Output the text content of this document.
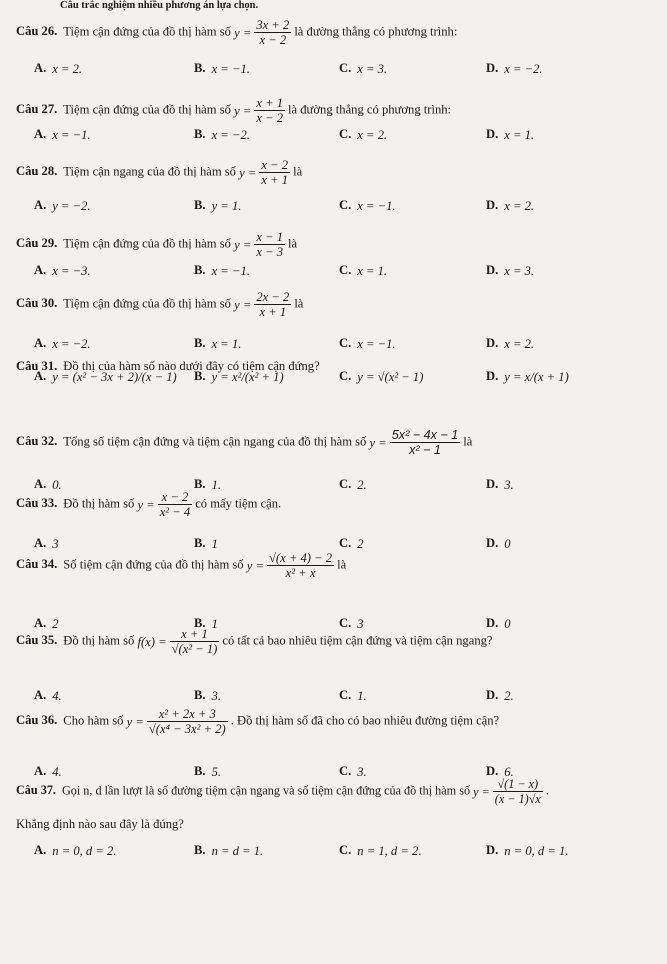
Câu trắc nghiệm nhiều phương án lựa chọn.
Câu 26. Tiệm cận đứng của đồ thị hàm số $y = \frac{3x + 2}{x - 2}$ là đường thẳng có phương trình:
A. x = 2.	B. x = −1.	C. x = 3.	D. x = −2.
Câu 27. Tiệm cận đứng của đồ thị hàm số $y = \frac{x + 1}{x - 2}$ là đường thẳng có phương trình:
A. x = −1.	B. x = −2.	C. x = 2.	D. x = 1.
Câu 28. Tiệm cận ngang của đồ thị hàm số $y = \frac{x - 2}{x + 1}$ là
A. y = −2.	B. y = 1.	C. x = −1.	D. x = 2.
Câu 29. Tiệm cận đứng của đồ thị hàm số $y = \frac{x - 1}{x - 3}$ là
A. x = −3.	B. x = −1.	C. x = 1.	D. x = 3.
Câu 30. Tiệm cận đứng của đồ thị hàm số $y = \frac{2x - 2}{x + 1}$ là
A. x = −2.	B. x = 1.	C. x = −1.	D. x = 2.
Câu 31. Đồ thị của hàm số nào dưới đây có tiệm cận đứng?
A. y = (x² − 3x + 2)/(x − 1) B. y = x²/(x² + 1)	C. y = √(x² − 1)	D. y = x/(x + 1)
Câu 32. Tổng số tiệm cận đứng và tiệm cận ngang của đồ thị hàm số $y = \frac{\text{5x² − 4x − 1}}{\text{x² − 1}}$ là
A. 0.	B. 1.	C. 2.	D. 3.
Câu 33. Đồ thị hàm số $y = \frac{x - 2}{\text{x² − 4}}$ có mấy tiệm cận.
A. 3	B. 1	C. 2	D. 0
Câu 34. Số tiệm cận đứng của đồ thị hàm số $y = \frac{√(x + 4) - 2}{\text{x² + x}}$ là
A. 2	B. 1	C. 3	D. 0
Câu 35. Đồ thị hàm số $f(x) = \frac{x + 1}{\text{√(x² − 1)}}$ có tất cả bao nhiêu tiệm cận đứng và tiệm cận ngang?
A. 4.	B. 3.	C. 1.	D. 2.
Câu 36. Cho hàm số $y = \frac{\text{x² + 2x + 3}}{\text{√(x⁴ − 3x² + 2)}}$ . Đồ thị hàm số đã cho có bao nhiêu đường tiệm cận?
A. 4.	B. 5.	C. 3.	D. 6.
Câu 37. Gọi n, d lần lượt là số đường tiệm cận ngang và số tiệm cận đứng của đồ thị hàm số $y = \frac{√(1 - x)}{(x - 1)√x}$ .
Khẳng định nào sau đây là đúng?
A. n = 0, d = 2.	B. n = d = 1.	C. n = 1, d = 2.	D. n = 0, d = 1.
